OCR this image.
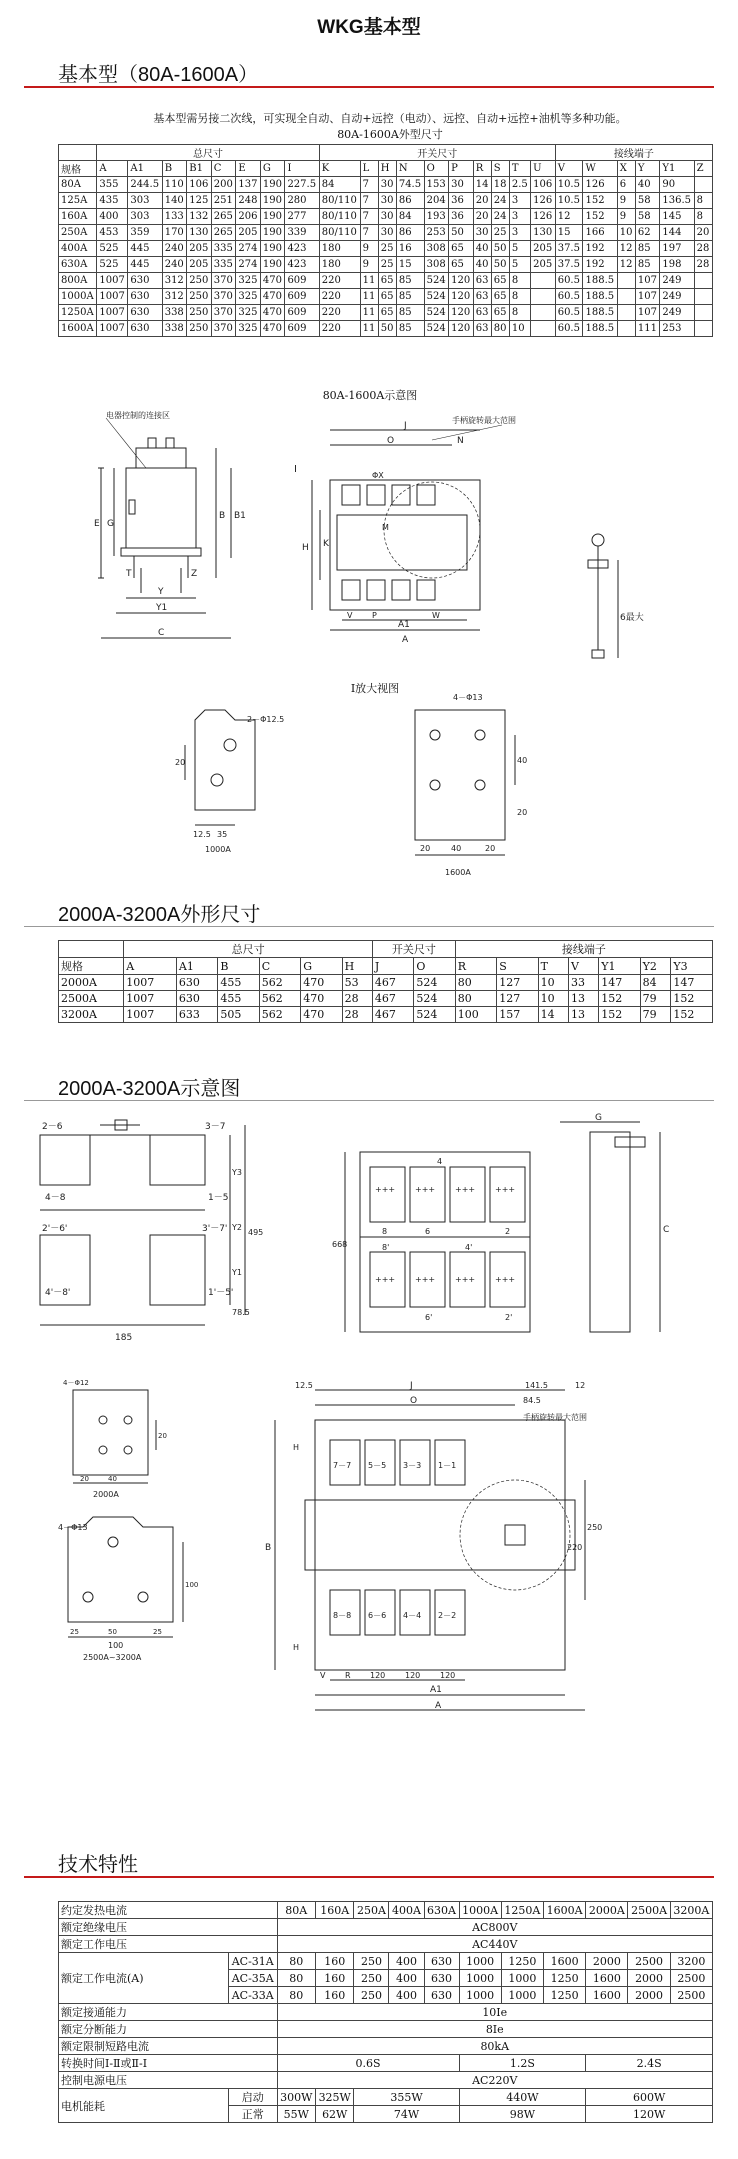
WKG基本型
基本型（80A-1600A）
基本型需另接二次线，可实现全自动、自动+远控（电动）、远控、自动+远控+油机等多种功能。
80A-1600A外型尺寸
	总尺寸								开关尺寸										接线端子					
规格	A	A1	B	B1	C	E	G	I	K	L	H	N	O	P	R	S	T	U	V	W	X	Y	Y1	Z
80A	355	244.5	110	106	200	137	190	227.5	84	7	30	74.5	153	30	14	18	2.5	106	10.5	126	6	40	90	
125A	435	303	140	125	251	248	190	280	80/110	7	30	86	204	36	20	24	3	126	10.5	152	9	58	136.5	8
160A	400	303	133	132	265	206	190	277	80/110	7	30	84	193	36	20	24	3	126	12	152	9	58	145	8
250A	453	359	170	130	265	205	190	339	80/110	7	30	86	253	50	30	25	3	130	15	166	10	62	144	20
400A	525	445	240	205	335	274	190	423	180	9	25	16	308	65	40	50	5	205	37.5	192	12	85	197	28
630A	525	445	240	205	335	274	190	423	180	9	25	15	308	65	40	50	5	205	37.5	192	12	85	198	28
800A	1007	630	312	250	370	325	470	609	220	11	65	85	524	120	63	65	8		60.5	188.5		107	249	
1000A	1007	630	312	250	370	325	470	609	220	11	65	85	524	120	63	65	8		60.5	188.5		107	249	
1250A	1007	630	338	250	370	325	470	609	220	11	65	85	524	120	63	65	8		60.5	188.5		107	249	
1600A	1007	630	338	250	370	325	470	609	220	11	50	85	524	120	63	80	10		60.5	188.5		111	253	
80A-1600A示意图
电器控制的连接区
E G
B B1
Y
Y1
C
T	Z
J
O	N
Ⅰ
H K
A1
A
ΦX
V P	W
手柄旋转最大范围
M
6最大
Ⅰ放大视图
2－Φ12.5
20
12.5 35
1000A
4－Φ13
40
20
20	40	20
1600A
2000A-3200A外形尺寸
	总尺寸						开关尺寸		接线端子						
规格	A	A1	B	C	G	H	J	O	R	S	T	V	Y1	Y2	Y3
2000A	1007	630	455	562	470	53	467	524	80	127	10	33	147	84	147
2500A	1007	630	455	562	470	28	467	524	80	127	10	13	152	79	152
3200A	1007	633	505	562	470	28	467	524	100	157	14	13	152	79	152
2000A-3200A示意图
2－6	3－7
4－8	1－5
2'－6'	3'－7'
4'－8'	1'－5'
Y3
Y2
Y1
495
78.5
185
668
4
6	2
8
4'
6'	2'
8'
+++ +++ +++ +++
+++ +++ +++ +++
G
C
4－Φ12
20	40
20
2000A
4－Φ13
25	50	25
100
100
2500A~3200A
12.5	J	141.5	12
O	84.5
手柄旋转最大范围
7－7 5－5 3－3 1－1
8－8 6－6 4－4 2－2
B
H
H
V R 120 120 120
A1
A
250
220
技术特性
约定发热电流		80A	160A	250A	400A	630A	1000A	1250A	1600A	2000A	2500A	3200A
额定绝缘电压		AC800V										
额定工作电压		AC440V										
额定工作电流(A)	AC-31A	80	160	250	400	630	1000	1250	1600	2000	2500	3200
	AC-35A	80	160	250	400	630	1000	1000	1250	1600	2000	2500
	AC-33A	80	160	250	400	630	1000	1000	1250	1600	2000	2500
额定接通能力		10Ie										
额定分断能力		8Ie										
额定限制短路电流		80kA										
转换时间Ⅰ-Ⅱ或Ⅱ-Ⅰ		0.6S					1.2S			2.4S		
控制电源电压		AC220V										
电机能耗	启动	300W	325W	355W			440W			600W		
	正常	55W	62W	74W			98W			120W		
